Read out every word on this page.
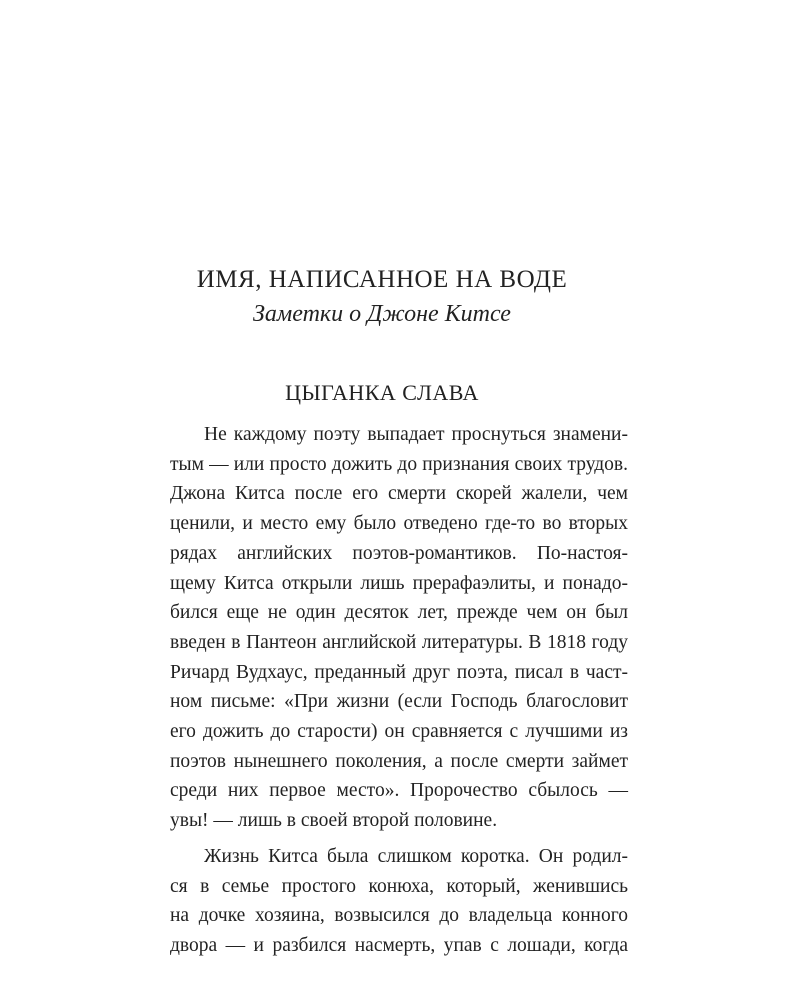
ИМЯ, НАПИСАННОЕ НА ВОДЕ
Заметки о Джоне Китсе
ЦЫГАНКА СЛАВА
Не каждому поэту выпадает проснуться знамени-
тым — или просто дожить до признания своих трудов.
Джона Китса после его смерти скорей жалели, чем
ценили, и место ему было отведено где-то во вторых
рядах английских поэтов-романтиков. По-настоя-
щему Китса открыли лишь прерафаэлиты, и понадо-
бился еще не один десяток лет, прежде чем он был
введен в Пантеон английской литературы. В 1818 году
Ричард Вудхаус, преданный друг поэта, писал в част-
ном письме: «При жизни (если Господь благословит
его дожить до старости) он сравняется с лучшими из
поэтов нынешнего поколения, а после смерти займет
среди них первое место». Пророчество сбылось —
увы! — лишь в своей второй половине.
Жизнь Китса была слишком коротка. Он родил-
ся в семье простого конюха, который, женившись
на дочке хозяина, возвысился до владельца конного
двора — и разбился насмерть, упав с лошади, когда
